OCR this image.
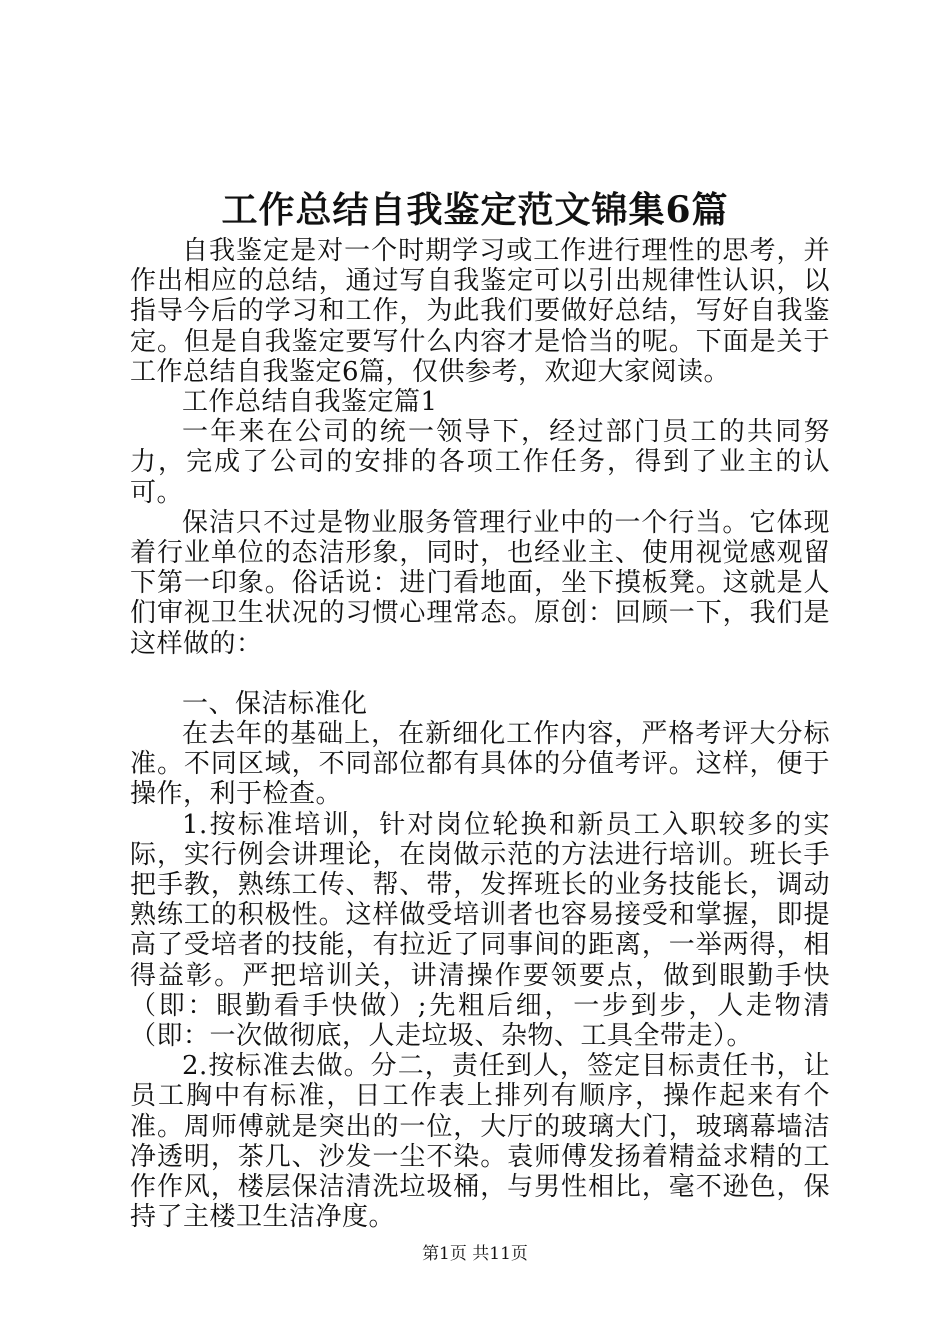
工作总结自我鉴定范文锦集6篇

自我鉴定是对一个时期学习或工作进行理性的思考，并作出相应的总结，通过写自我鉴定可以引出规律性认识，以指导今后的学习和工作，为此我们要做好总结，写好自我鉴定。但是自我鉴定要写什么内容才是恰当的呢。下面是关于工作总结自我鉴定6篇，仅供参考，欢迎大家阅读。

工作总结自我鉴定篇1

一年来在公司的统一领导下，经过部门员工的共同努力，完成了公司的安排的各项工作任务，得到了业主的认可。

保洁只不过是物业服务管理行业中的一个行当。它体现着行业单位的态洁形象，同时，也经业主、使用视觉感观留下第一印象。俗话说：进门看地面，坐下摸板凳。这就是人们审视卫生状况的习惯心理常态。原创：回顾一下，我们是这样做的：

一、保洁标准化

在去年的基础上，在新细化工作内容，严格考评大分标准。不同区域，不同部位都有具体的分值考评。这样，便于操作，利于检查。

1.按标准培训，针对岗位轮换和新员工入职较多的实际，实行例会讲理论，在岗做示范的方法进行培训。班长手把手教，熟练工传、帮、带，发挥班长的业务技能长，调动熟练工的积极性。这样做受培训者也容易接受和掌握，即提高了受培者的技能，有拉近了同事间的距离，一举两得，相得益彰。严把培训关，讲清操作要领要点，做到眼勤手快（即：眼勤看手快做）;先粗后细，一步到步，人走物清（即：一次做彻底，人走垃圾、杂物、工具全带走）。

2.按标准去做。分二，责任到人，签定目标责任书，让员工胸中有标准，日工作表上排列有顺序，操作起来有个准。周师傅就是突出的一位，大厅的玻璃大门，玻璃幕墙洁净透明，茶几、沙发一尘不染。袁师傅发扬着精益求精的工作作风，楼层保洁清洗垃圾桶，与男性相比，毫不逊色，保持了主楼卫生洁净度。

第1页 共11页
